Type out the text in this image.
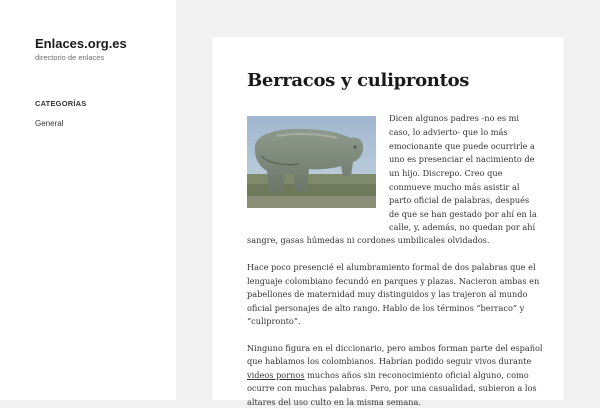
Enlaces.org.es
directorio de enlaces
CATEGORÍAS
General
Berracos y culiprontos

Dicen algunos padres -no es mi

caso, lo advierto- que lo más

emocionante que puede ocurrirle a

uno es presenciar el nacimiento de

un hijo. Discrepo. Creo que

conmueve mucho más asistir al

parto oficial de palabras, después

de que se han gestado por ahí en la

calle, y, además, no quedan por ahí

sangre, gasas húmedas ni cordones umbilicales olvidados.

Hace poco presencié el alumbramiento formal de dos palabras que el

lenguaje colombiano fecundó en parques y plazas. Nacieron ambas en

pabellones de maternidad muy distinguidos y las trajeron al mundo

oficial personajes de alto rango. Hablo de los términos “berraco” y

“culipronto”.

Ninguno figura en el diccionario, pero ambos forman parte del español

que hablamos los colombianos. Habrían podido seguir vivos durante

videos pornos muchos años sin reconocimiento oficial alguno, como

ocurre con muchas palabras. Pero, por una casualidad, subieron a los

altares del uso culto en la misma semana.
